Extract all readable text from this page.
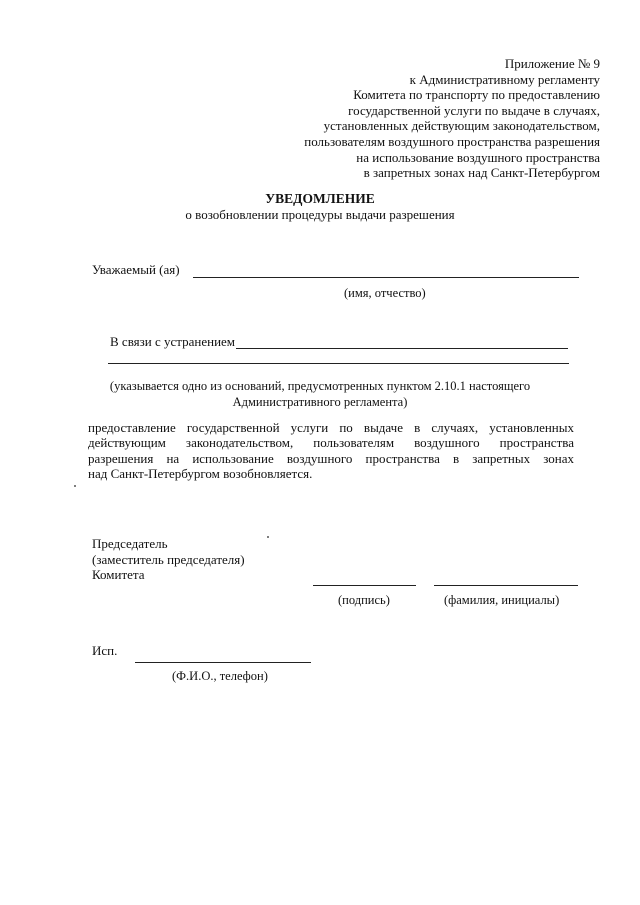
Приложение № 9
к Административному регламенту
Комитета по транспорту по предоставлению
государственной услуги по выдаче в случаях,
установленных действующим законодательством,
пользователям воздушного пространства разрешения
на использование воздушного пространства
в запретных зонах над Санкт-Петербургом
УВЕДОМЛЕНИЕ
о возобновлении процедуры выдачи разрешения
Уважаемый (ая)
(имя, отчество)
В связи с устранением
(указывается одно из оснований, предусмотренных пунктом 2.10.1 настоящего
Административного регламента)
предоставление государственной услуги по выдаче в случаях, установленных
действующим законодательством, пользователям воздушного пространства
разрешения на использование воздушного пространства в запретных зонах
над Санкт-Петербургом возобновляется.
Председатель
(заместитель председателя)
Комитета
(подпись)	(фамилия, инициалы)
Исп.
(Ф.И.О., телефон)
